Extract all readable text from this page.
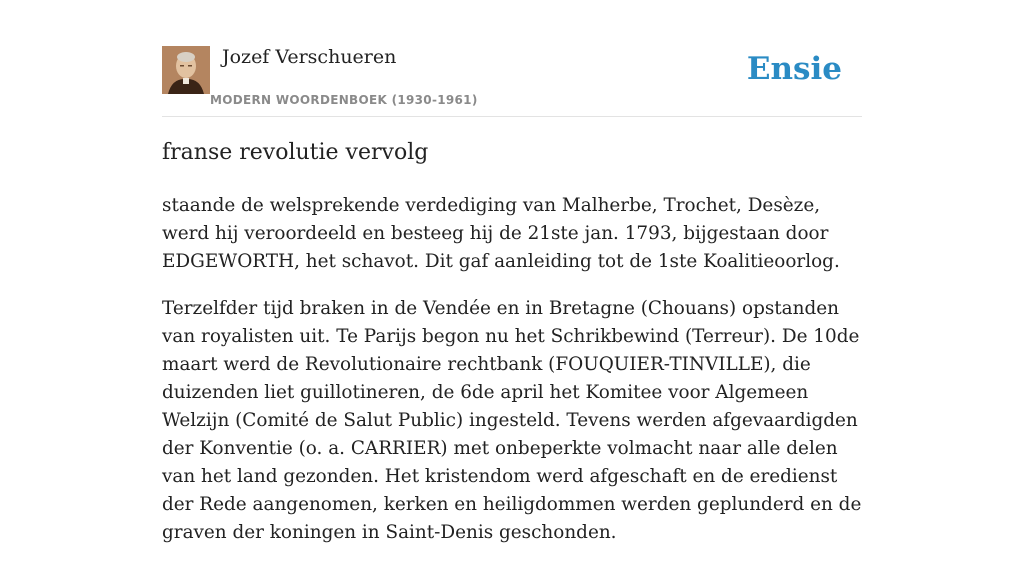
Jozef Verschueren
MODERN WOORDENBOEK (1930-1961)
Ensie
franse revolutie vervolg

staande de welsprekende verdediging van Malherbe, Trochet, Desèze, werd hij veroordeeld en besteeg hij de 21ste jan. 1793, bijgestaan door EDGEWORTH, het schavot. Dit gaf aanleiding tot de 1ste Koalitieoorlog.

Terzelfder tijd braken in de Vendée en in Bretagne (Chouans) opstanden van royalisten uit. Te Parijs begon nu het Schrikbewind (Terreur). De 10de maart werd de Revolutionaire rechtbank (FOUQUIER-TINVILLE), die duizenden liet guillotineren, de 6de april het Komitee voor Algemeen Welzijn (Comité de Salut Public) ingesteld. Tevens werden afgevaardigden der Konventie (o. a. CARRIER) met onbeperkte volmacht naar alle delen van het land gezonden. Het kristendom werd afgeschaft en de eredienst der Rede aangenomen, kerken en heiligdommen werden geplunderd en de graven der koningen in Saint-Denis geschonden.
